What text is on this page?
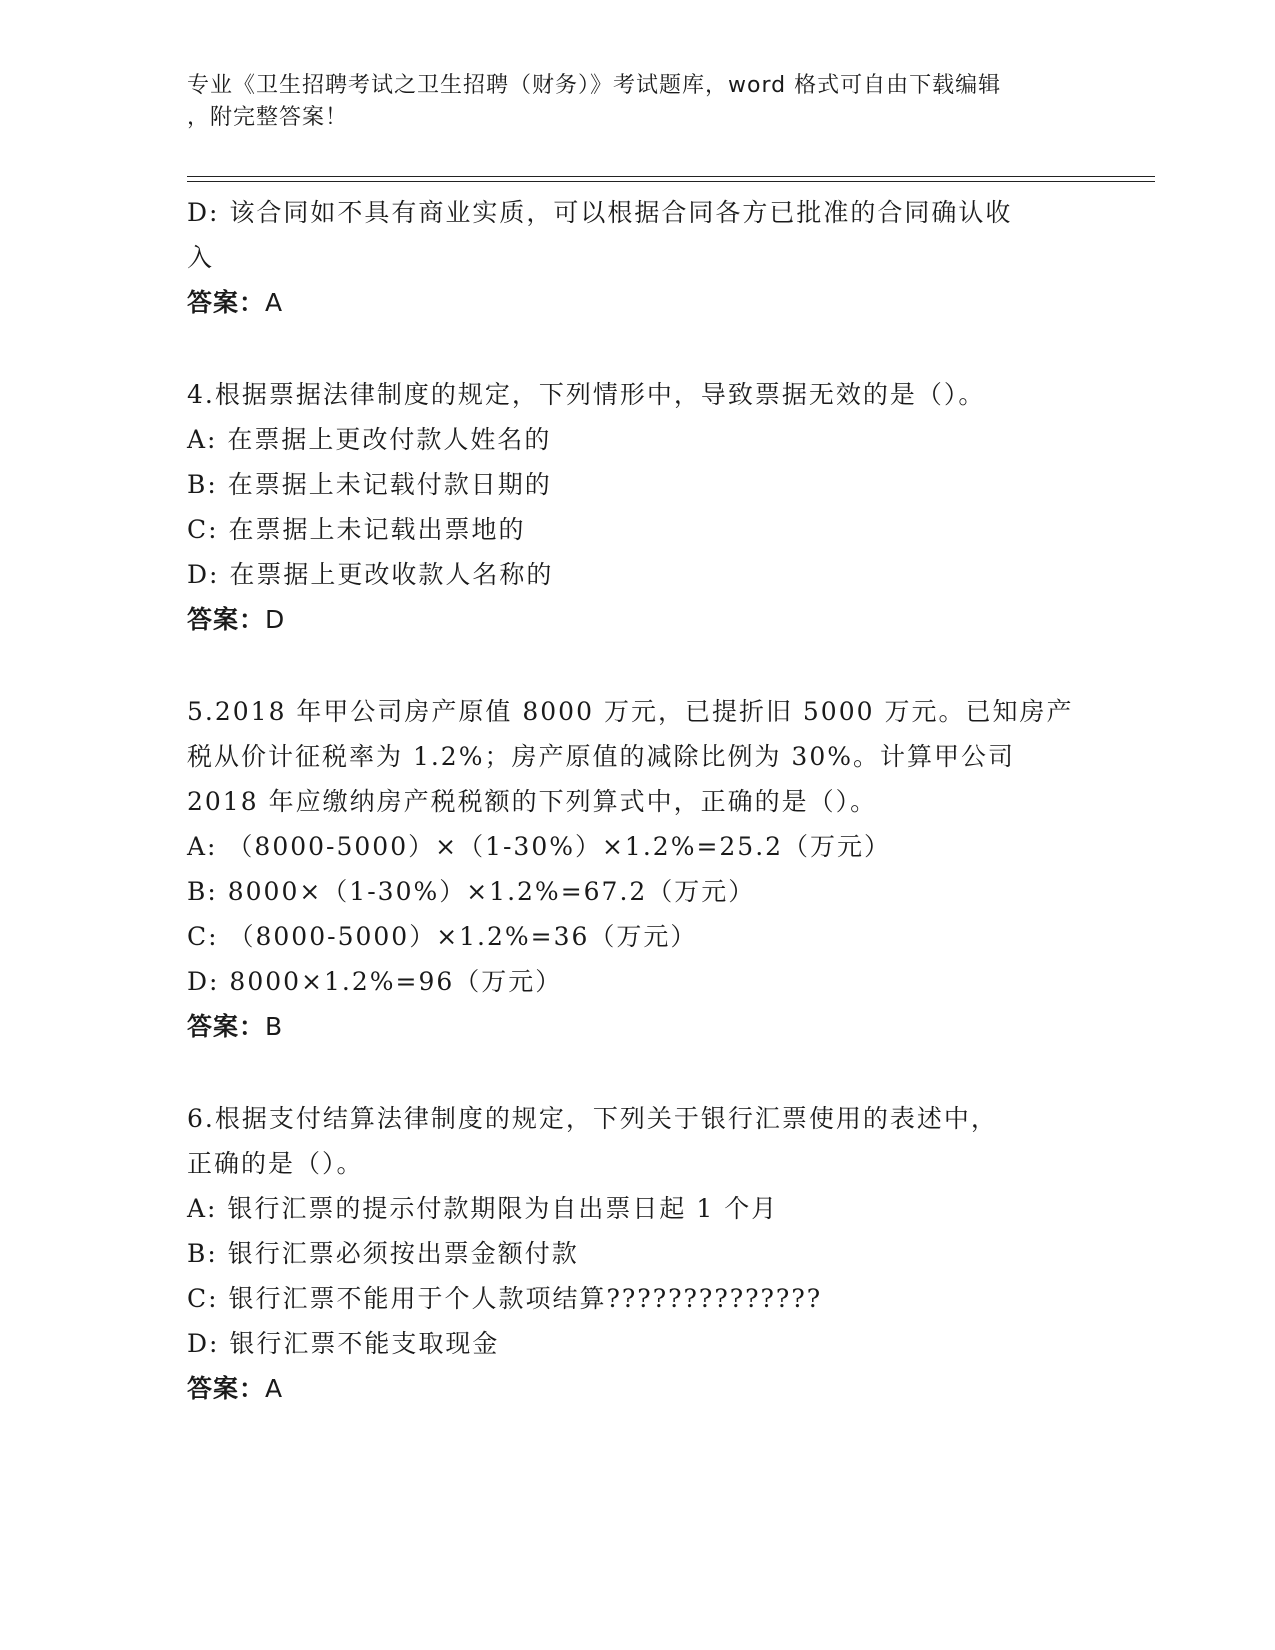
专业《卫生招聘考试之卫生招聘（财务）》考试题库，word 格式可自由下载编辑
，附完整答案！
D: 该合同如不具有商业实质，可以根据合同各方已批准的合同确认收
入
答案：A
4.根据票据法律制度的规定，下列情形中，导致票据无效的是（）。
A: 在票据上更改付款人姓名的
B: 在票据上未记载付款日期的
C: 在票据上未记载出票地的
D: 在票据上更改收款人名称的
答案：D
5.2018 年甲公司房产原值 8000 万元，已提折旧 5000 万元。已知房产
税从价计征税率为 1.2%；房产原值的减除比例为 30%。计算甲公司
2018 年应缴纳房产税税额的下列算式中，正确的是（）。
A: （8000-5000）×（1-30%）×1.2%=25.2（万元）
B: 8000×（1-30%）×1.2%=67.2（万元）
C: （8000-5000）×1.2%=36（万元）
D: 8000×1.2%=96（万元）
答案：B
6.根据支付结算法律制度的规定，下列关于银行汇票使用的表述中，
正确的是（）。
A: 银行汇票的提示付款期限为自出票日起 1 个月
B: 银行汇票必须按出票金额付款
C: 银行汇票不能用于个人款项结算??????????????
D: 银行汇票不能支取现金
答案：A
